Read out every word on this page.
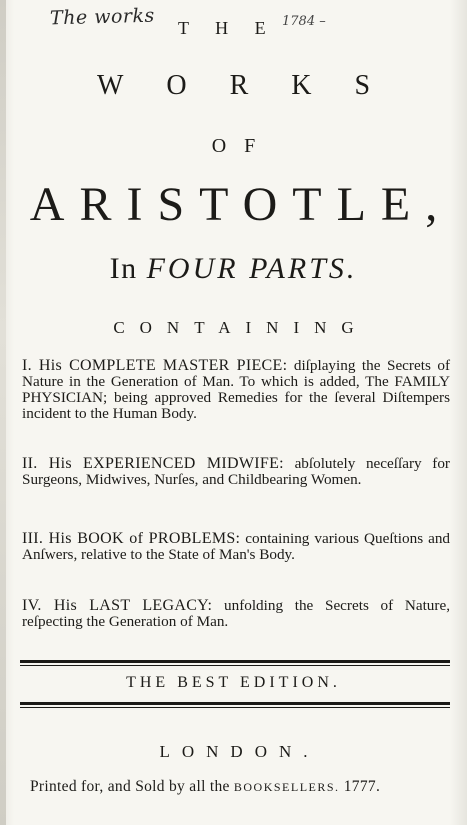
The works	1784 –
T H E
WORKS
OF
ARISTOTLE,
In FOUR PARTS.
CONTAINING
I. His COMPLETE MASTER PIECE: diſplaying the Secrets of Nature in the Generation of Man. To which is added, The FAMILY PHYSICIAN; being approved Remedies for the ſeveral Diſtempers incident to the Human Body.
II. His EXPERIENCED MIDWIFE: abſolutely neceſſary for Surgeons, Midwives, Nurſes, and Childbearing Women.
III. His BOOK of PROBLEMS: containing various Queſtions and Anſwers, relative to the State of Man's Body.
IV. His LAST LEGACY: unfolding the Secrets of Nature, reſpecting the Generation of Man.
THE BEST EDITION.
LONDON.
Printed for, and Sold by all the BOOKSELLERS. 1777.
